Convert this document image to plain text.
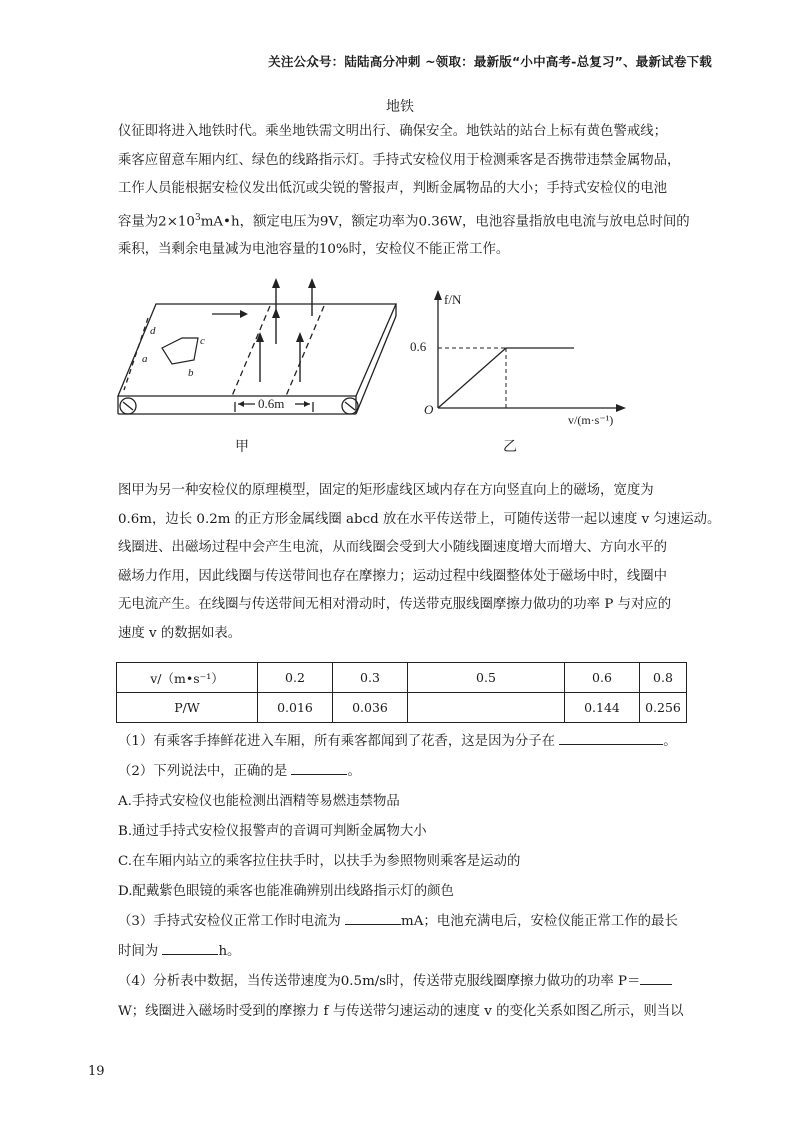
关注公众号：陆陆高分冲刺 ~领取：最新版“小中高考-总复习”、最新试卷下载
地铁

仪征即将进入地铁时代。乘坐地铁需文明出行、确保安全。地铁站的站台上标有黄色警戒线；

乘客应留意车厢内红、绿色的线路指示灯。手持式安检仪用于检测乘客是否携带违禁金属物品，

工作人员能根据安检仪发出低沉或尖锐的警报声，判断金属物品的大小；手持式安检仪的电池

容量为$2\times 10^3mA•h$，额定电压为9V，额定功率为0.36W，电池容量指放电电流与放电总时间的

乘积，当剩余电量减为电池容量的10%时，安检仪不能正常工作。

d
a
c
b
0.6m
甲
f/N
0.6
O
v/(m·s⁻¹)
乙

图甲为另一种安检仪的原理模型，固定的矩形虚线区域内存在方向竖直向上的磁场，宽度为

0.6m，边长 0.2m 的正方形金属线圈 abcd 放在水平传送带上，可随传送带一起以速度 v 匀速运动。

线圈进、出磁场过程中会产生电流，从而线圈会受到大小随线圈速度增大而增大、方向水平的

磁场力作用，因此线圈与传送带间也存在摩擦力；运动过程中线圈整体处于磁场中时，线圈中

无电流产生。在线圈与传送带间无相对滑动时，传送带克服线圈摩擦力做功的功率 P 与对应的

速度 v 的数据如表。

v/（m•s⁻¹）	0.2	0.3	0.5	0.6	0.8
P/W	0.016	0.036		0.144	0.256

（1）有乘客手捧鲜花进入车厢，所有乘客都闻到了花香，这是因为分子在	。

（2）下列说法中，正确的是	。

A.手持式安检仪也能检测出酒精等易燃违禁物品

B.通过手持式安检仪报警声的音调可判断金属物大小

C.在车厢内站立的乘客拉住扶手时，以扶手为参照物则乘客是运动的

D.配戴紫色眼镜的乘客也能准确辨别出线路指示灯的颜色

（3）手持式安检仪正常工作时电流为	mA；电池充满电后，安检仪能正常工作的最长

时间为	h。

（4）分析表中数据，当传送带速度为0.5m/s时，传送带克服线圈摩擦力做功的功率 P＝

W；线圈进入磁场时受到的摩擦力 f 与传送带匀速运动的速度 v 的变化关系如图乙所示，则当以

19
